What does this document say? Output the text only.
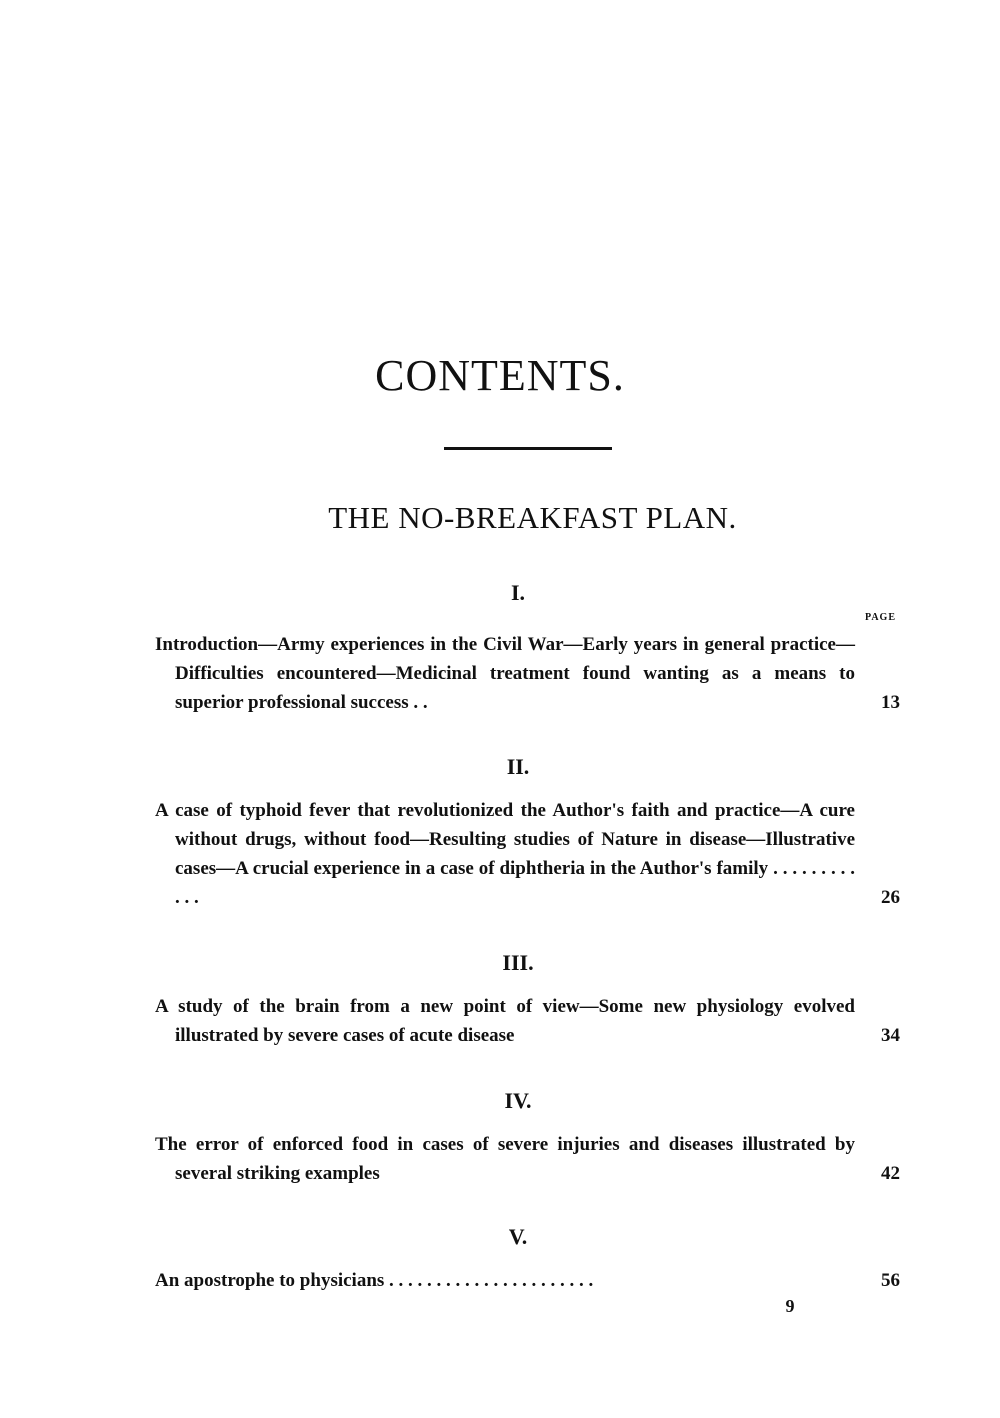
CONTENTS.
THE NO-BREAKFAST PLAN.
I.
PAGE
Introduction—Army experiences in the Civil War—Early years in general practice—Difficulties encountered—Medicinal treatment found wanting as a means to superior professional success . .	13
II.
A case of typhoid fever that revolutionized the Author's faith and practice—A cure without drugs, without food—Resulting studies of Nature in disease—Illustrative cases—A crucial experience in a case of diphtheria in the Author's family . . . . . . . . . . . .	26
III.
A study of the brain from a new point of view—Some new physiology evolved illustrated by severe cases of acute disease	34
IV.
The error of enforced food in cases of severe injuries and diseases illustrated by several striking examples	42
V.
An apostrophe to physicians . . . . . . . . . . . . . . . . . . . . . .	56
9
